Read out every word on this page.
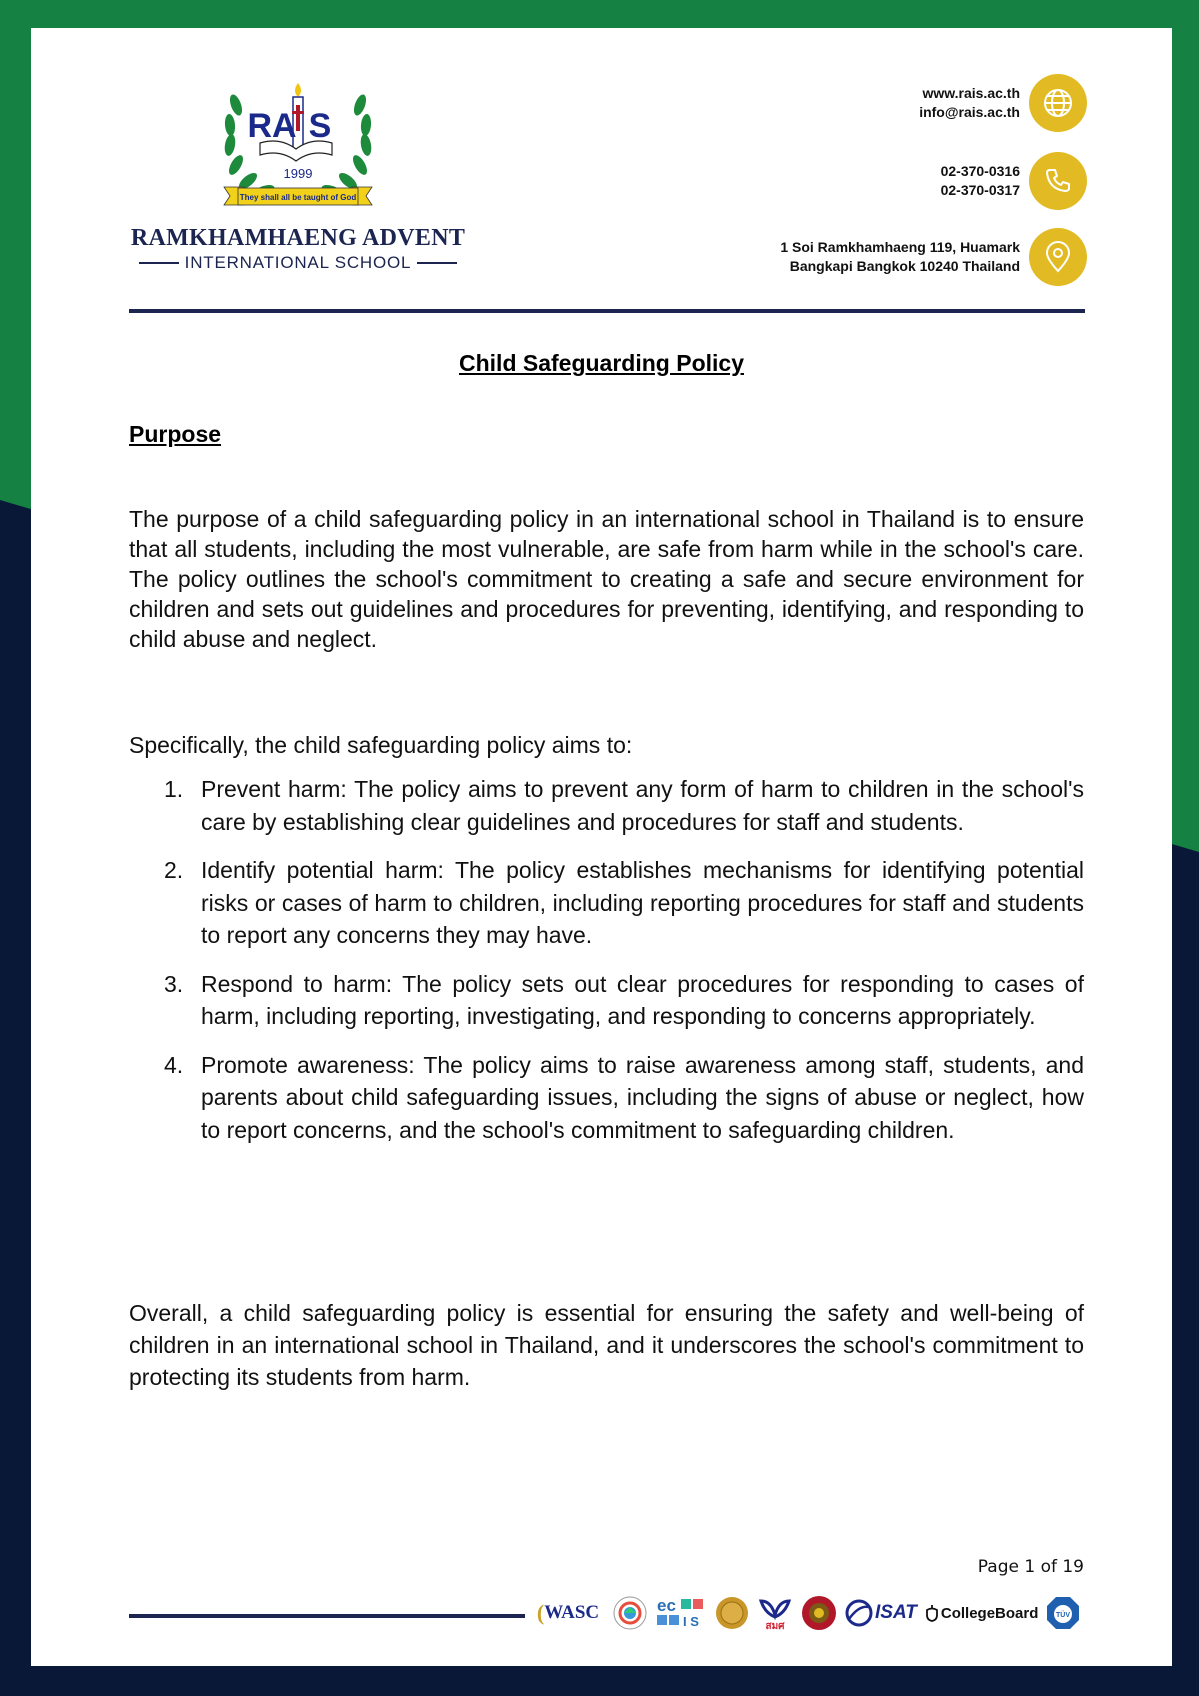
RA S
1999
They shall all be taught of God
RAMKHAMHAENG ADVENT
INTERNATIONAL SCHOOL
www.rais.ac.th
info@rais.ac.th
02-370-0316
02-370-0317
1 Soi Ramkhamhaeng 119, Huamark
Bangkapi Bangkok 10240 Thailand
Child Safeguarding Policy
Purpose
The purpose of a child safeguarding policy in an international school in Thailand is to ensure that all students, including the most vulnerable, are safe from harm while in the school's care. The policy outlines the school's commitment to creating a safe and secure environment for children and sets out guidelines and procedures for preventing, identifying, and responding to child abuse and neglect.
Specifically, the child safeguarding policy aims to:
1. Prevent harm: The policy aims to prevent any form of harm to children in the school's care by establishing clear guidelines and procedures for staff and students.
2. Identify potential harm: The policy establishes mechanisms for identifying potential risks or cases of harm to children, including reporting procedures for staff and students to report any concerns they may have.
3. Respond to harm: The policy sets out clear procedures for responding to cases of harm, including reporting, investigating, and responding to concerns appropriately.
4. Promote awareness: The policy aims to raise awareness among staff, students, and parents about child safeguarding issues, including the signs of abuse or neglect, how to report concerns, and the school's commitment to safeguarding children.
Overall, a child safeguarding policy is essential for ensuring the safety and well-being of children in an international school in Thailand, and it underscores the school's commitment to protecting its students from harm.
Page 1 of 19
( WASC	ec
I S	สมศ
ISAT CollegeBoard	TÜV
